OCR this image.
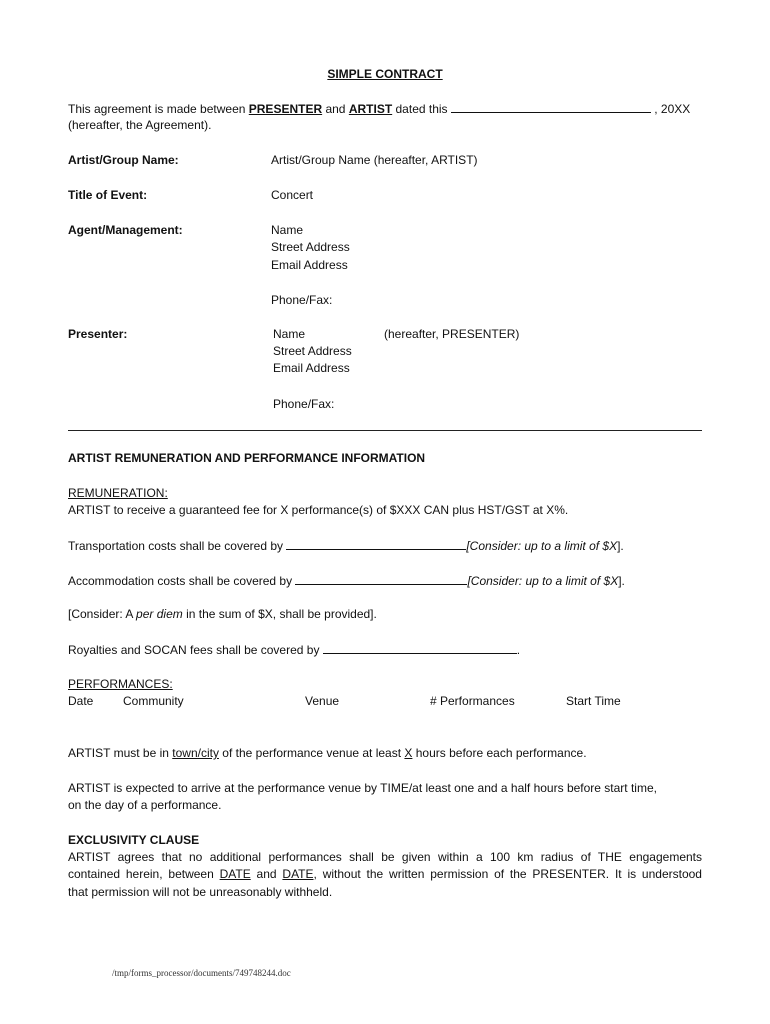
SIMPLE CONTRACT
This agreement is made between PRESENTER and ARTIST dated this	, 20XX
(hereafter, the Agreement).
Artist/Group Name:	Artist/Group Name (hereafter, ARTIST)
Title of Event:	Concert
Agent/Management:	Name
Street Address
Email Address
Phone/Fax:
Presenter:	Name	(hereafter, PRESENTER)
Street Address
Email Address
Phone/Fax:
ARTIST REMUNERATION AND PERFORMANCE INFORMATION
REMUNERATION:
ARTIST to receive a guaranteed fee for X performance(s) of $XXX CAN plus HST/GST at X%.
Transportation costs shall be covered by	[Consider: up to a limit of $X].
Accommodation costs shall be covered by	[Consider: up to a limit of $X].
[Consider: A per diem in the sum of $X, shall be provided].
Royalties and SOCAN fees shall be covered by	.
PERFORMANCES:
Date Community	Venue	# Performances	Start Time
ARTIST must be in town/city of the performance venue at least X hours before each performance.
ARTIST is expected to arrive at the performance venue by TIME/at least one and a half hours before start time,
on the day of a performance.
EXCLUSIVITY CLAUSE
ARTIST agrees that no additional performances shall be given within a 100 km radius of THE engagements
contained herein, between DATE and DATE, without the written permission of the PRESENTER. It is understood
that permission will not be unreasonably withheld.
/tmp/forms_processor/documents/749748244.doc
